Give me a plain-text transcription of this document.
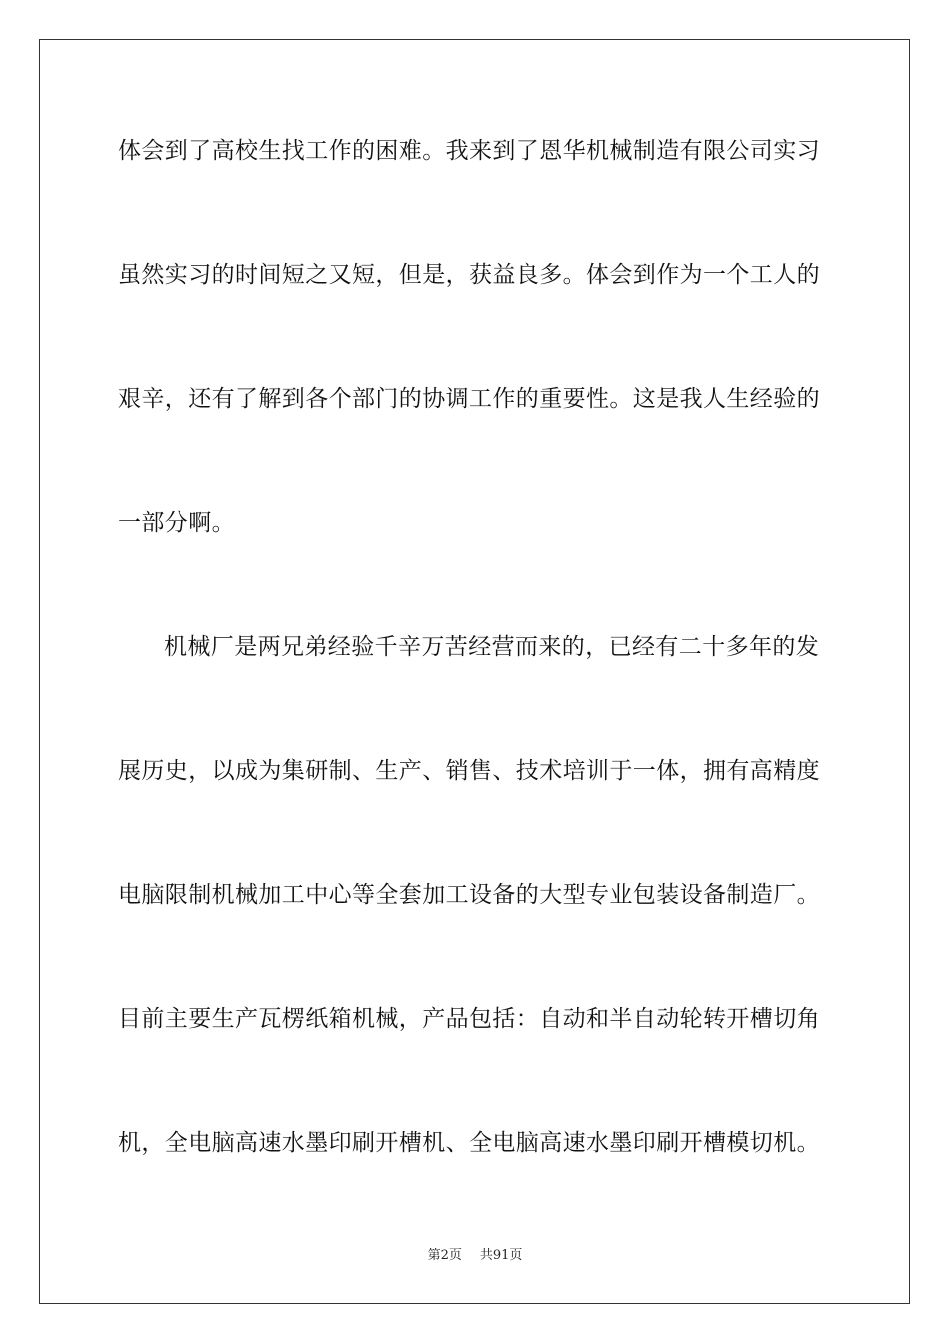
体会到了高校生找工作的困难。我来到了恩华机械制造有限公司实习
虽然实习的时间短之又短，但是，获益良多。体会到作为一个工人的
艰辛，还有了解到各个部门的协调工作的重要性。这是我人生经验的
一部分啊。
机械厂是两兄弟经验千辛万苦经营而来的，已经有二十多年的发
展历史，以成为集研制、生产、销售、技术培训于一体，拥有高精度
电脑限制机械加工中心等全套加工设备的大型专业包装设备制造厂。
目前主要生产瓦楞纸箱机械，产品包括：自动和半自动轮转开槽切角
机，全电脑高速水墨印刷开槽机、全电脑高速水墨印刷开槽模切机。
第2页 共91页
